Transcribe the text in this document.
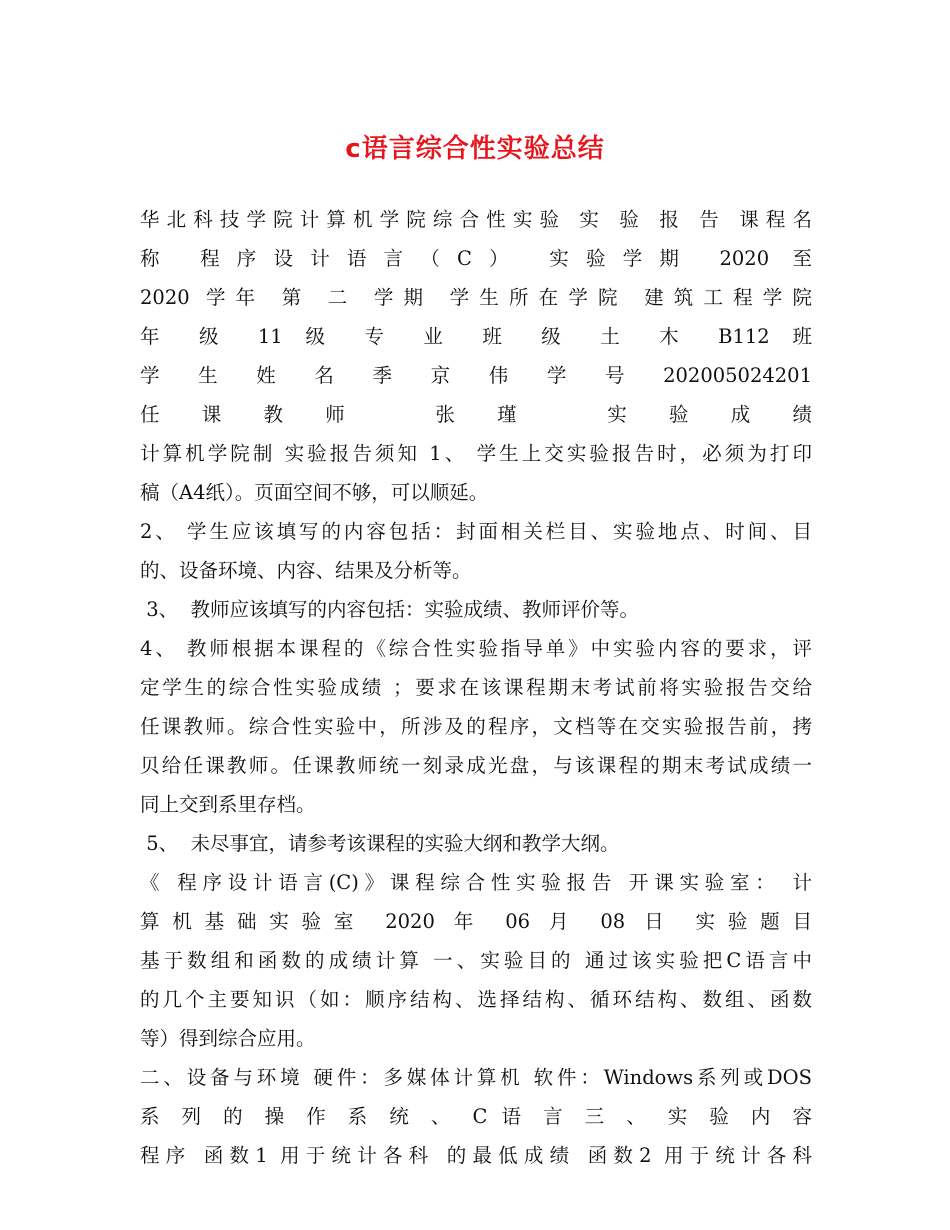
c语言综合性实验总结
华北科技学院计算机学院综合性实验 实 验 报 告 课程名
称 程序设计语言（C） 实验学期 2020 至
2020 学年 第 二 学期 学生所在学院 建筑工程学院
年 级 11 级 专 业 班 级 土 木 B112 班
学 生 姓 名 季 京 伟 学 号 202005024201
任课教师 张瑾 实验成绩
计算机学院制 实验报告须知 1、 学生上交实验报告时，必须为打印
稿（A4纸）。页面空间不够，可以顺延。
2、 学生应该填写的内容包括：封面相关栏目、实验地点、时间、目
的、设备环境、内容、结果及分析等。
3、  教师应该填写的内容包括：实验成绩、教师评价等。
4、 教师根据本课程的《综合性实验指导单》中实验内容的要求，评
定学生的综合性实验成绩 ；要求在该课程期末考试前将实验报告交给
任课教师。综合性实验中，所涉及的程序，文档等在交实验报告前，拷
贝给任课教师。任课教师统一刻录成光盘，与该课程的期末考试成绩一
同上交到系里存档。
5、  未尽事宜，请参考该课程的实验大纲和教学大纲。
《 程序设计语言(C)》课程综合性实验报告 开课实验室： 计
算机基础实验室 2020 年 06 月 08 日 实验题目
基于数组和函数的成绩计算 一、实验目的 通过该实验把C语言中
的几个主要知识（如：顺序结构、选择结构、循环结构、数组、函数
等）得到综合应用。
二、设备与环境 硬件：多媒体计算机 软件：Windows系列或DOS
系 列 的 操 作 系 统 、 C 语 言 三 、 实 验 内 容
程序 函数1 用于统计各科 的最低成绩 函数2 用于统计各科
